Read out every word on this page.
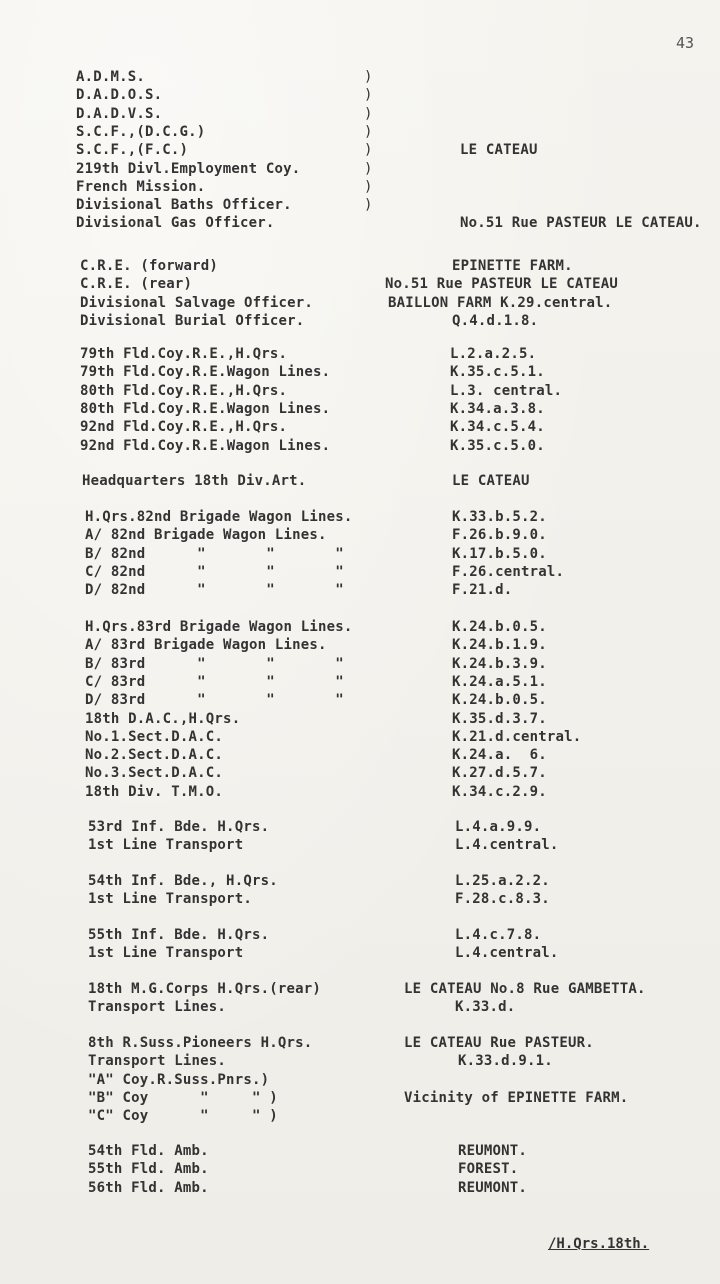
43
A.D.M.S.	)
D.A.D.O.S.	)
D.A.D.V.S.	)
S.C.F.,(D.C.G.)	)
S.C.F.,(F.C.)	)	LE CATEAU
219th Divl.Employment Coy.	)
French Mission.	)
Divisional Baths Officer.	)
Divisional Gas Officer.	No.51 Rue PASTEUR LE CATEAU.
C.R.E. (forward)	EPINETTE FARM.
C.R.E. (rear)	No.51 Rue PASTEUR LE CATEAU
Divisional Salvage Officer.	BAILLON FARM K.29.central.
Divisional Burial Officer.	Q.4.d.1.8.
79th Fld.Coy.R.E.,H.Qrs.	L.2.a.2.5.
79th Fld.Coy.R.E.Wagon Lines.	K.35.c.5.1.
80th Fld.Coy.R.E.,H.Qrs.	L.3. central.
80th Fld.Coy.R.E.Wagon Lines.	K.34.a.3.8.
92nd Fld.Coy.R.E.,H.Qrs.	K.34.c.5.4.
92nd Fld.Coy.R.E.Wagon Lines.	K.35.c.5.0.
Headquarters 18th Div.Art.	LE CATEAU
H.Qrs.82nd Brigade Wagon Lines.	K.33.b.5.2.
A/ 82nd Brigade Wagon Lines.	F.26.b.9.0.
B/ 82nd      "       "       "	K.17.b.5.0.
C/ 82nd      "       "       "	F.26.central.
D/ 82nd      "       "       "	F.21.d.
H.Qrs.83rd Brigade Wagon Lines.	K.24.b.0.5.
A/ 83rd Brigade Wagon Lines.	K.24.b.1.9.
B/ 83rd      "       "       "	K.24.b.3.9.
C/ 83rd      "       "       "	K.24.a.5.1.
D/ 83rd      "       "       "	K.24.b.0.5.
18th D.A.C.,H.Qrs.	K.35.d.3.7.
No.1.Sect.D.A.C.	K.21.d.central.
No.2.Sect.D.A.C.	K.24.a.  6.
No.3.Sect.D.A.C.	K.27.d.5.7.
18th Div. T.M.O.	K.34.c.2.9.
53rd Inf. Bde. H.Qrs.	L.4.a.9.9.
1st Line Transport	L.4.central.
54th Inf. Bde., H.Qrs.	L.25.a.2.2.
1st Line Transport.	F.28.c.8.3.
55th Inf. Bde. H.Qrs.	L.4.c.7.8.
1st Line Transport	L.4.central.
18th M.G.Corps H.Qrs.(rear)	LE CATEAU No.8 Rue GAMBETTA.
Transport Lines.	K.33.d.
8th R.Suss.Pioneers H.Qrs.	LE CATEAU Rue PASTEUR.
Transport Lines.	K.33.d.9.1.
"A" Coy.R.Suss.Pnrs.)
"B" Coy      "     " )	Vicinity of EPINETTE FARM.
"C" Coy      "     " )
54th Fld. Amb.	REUMONT.
55th Fld. Amb.	FOREST.
56th Fld. Amb.	REUMONT.
/H.Qrs.18th.
